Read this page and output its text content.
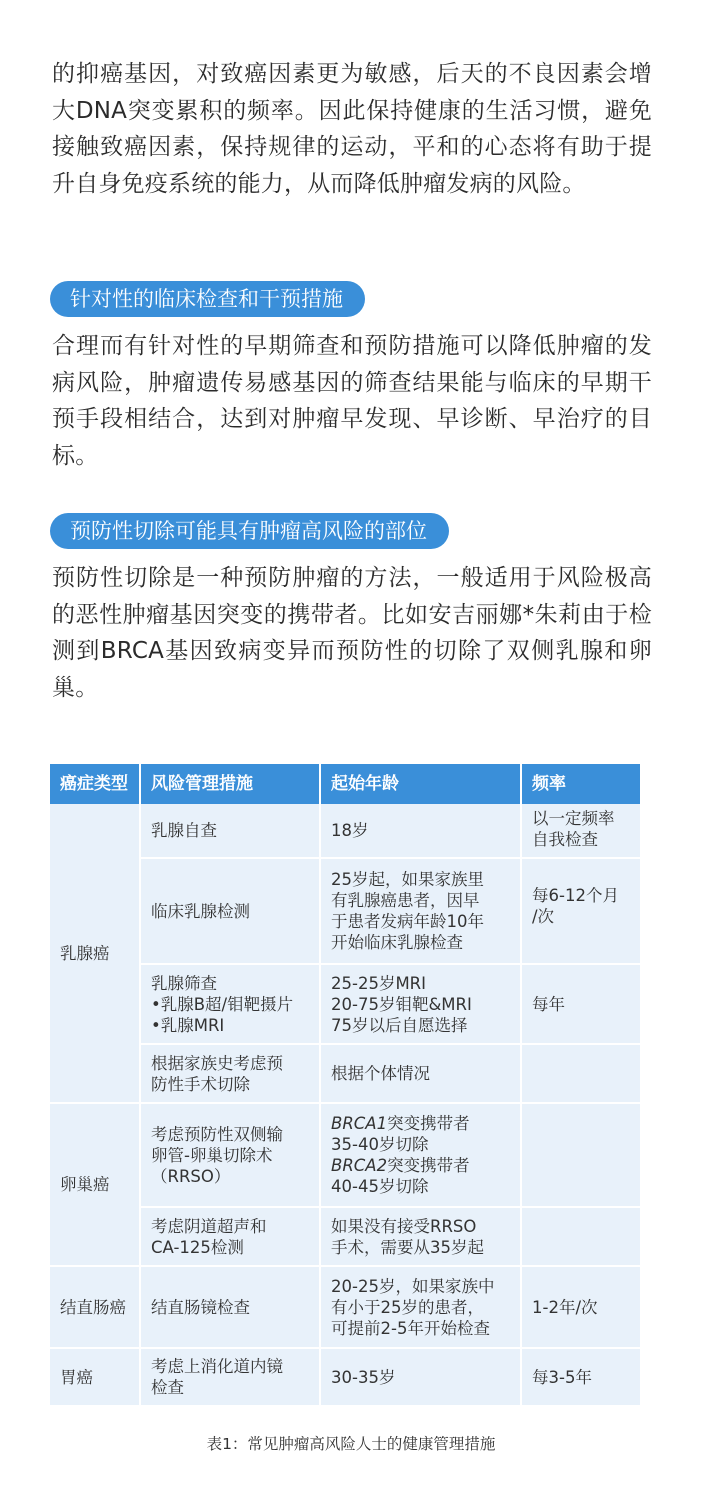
的抑癌基因，对致癌因素更为敏感，后天的不良因素会增大DNA突变累积的频率。因此保持健康的生活习惯，避免接触致癌因素，保持规律的运动，平和的心态将有助于提升自身免疫系统的能力，从而降低肿瘤发病的风险。

针对性的临床检查和干预措施

合理而有针对性的早期筛查和预防措施可以降低肿瘤的发病风险，肿瘤遗传易感基因的筛查结果能与临床的早期干预手段相结合，达到对肿瘤早发现、早诊断、早治疗的目标。

预防性切除可能具有肿瘤高风险的部位

预防性切除是一种预防肿瘤的方法，一般适用于风险极高的恶性肿瘤基因突变的携带者。比如安吉丽娜*朱莉由于检测到BRCA基因致病变异而预防性的切除了双侧乳腺和卵巢。

癌症类型	风险管理措施	起始年龄	频率
乳腺癌	乳腺自查	18岁	以一定频率
自我检查

	临床乳腺检测	25岁起，如果家族里
有乳腺癌患者，因早
于患者发病年龄10年
开始临床乳腺检查	每6-12个月
/次

	乳腺筛查
•乳腺B超/钼靶摄片
•乳腺MRI	25-25岁MRI
20-75岁钼靶&MRI
75岁以后自愿选择	每年

	根据家族史考虑预
防性手术切除	根据个体情况	
卵巢癌	考虑预防性双侧输
卵管-卵巢切除术
（RRSO）	BRCA1突变携带者
35-40岁切除
BRCA2突变携带者
40-45岁切除	

	考虑阴道超声和
CA-125检测	如果没有接受RRSO
手术，需要从35岁起	

结直肠癌	结直肠镜检查	20-25岁，如果家族中
有小于25岁的患者，
可提前2-5年开始检查	1-2年/次
胃癌	考虑上消化道内镜
检查	30-35岁	每3-5年
表1：常见肿瘤高风险人士的健康管理措施
